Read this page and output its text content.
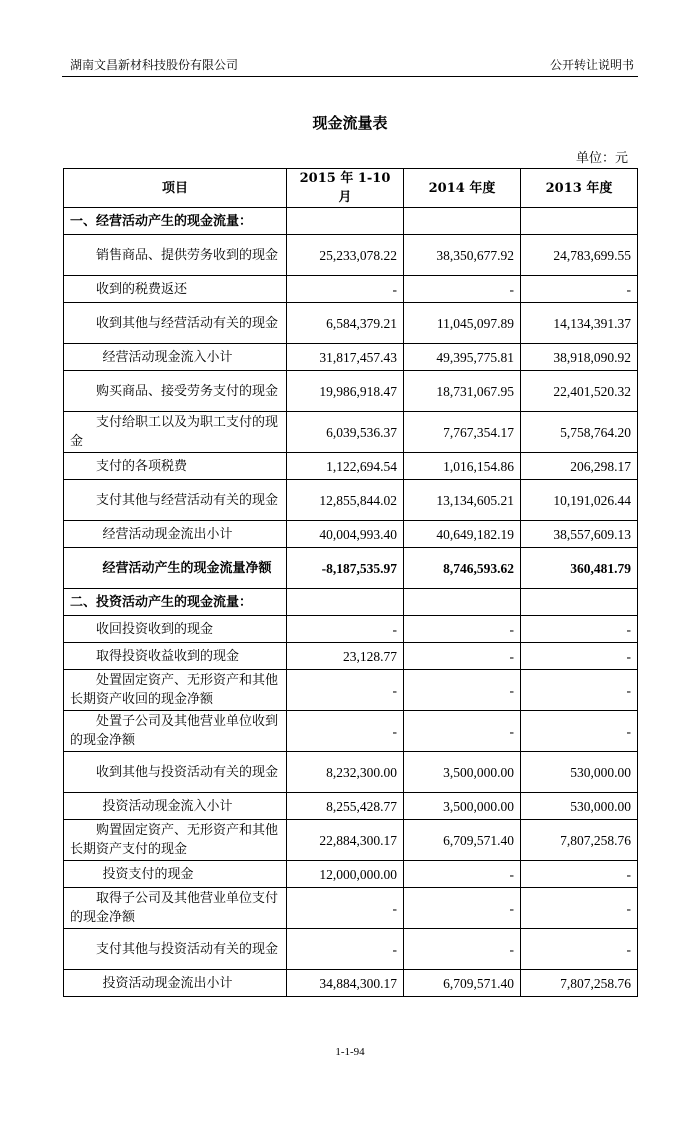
湖南文昌新材科技股份有限公司	公开转让说明书
现金流量表
单位：元
项目	2015 年 1-10 月	2014 年度	2013 年度
一、经营活动产生的现金流量：			
销售商品、提供劳务收到的现金	25,233,078.22	38,350,677.92	24,783,699.55
收到的税费返还	-	-	-
收到其他与经营活动有关的现金	6,584,379.21	11,045,097.89	14,134,391.37
经营活动现金流入小计	31,817,457.43	49,395,775.81	38,918,090.92
购买商品、接受劳务支付的现金	19,986,918.47	18,731,067.95	22,401,520.32
支付给职工以及为职工支付的现金	6,039,536.37	7,767,354.17	5,758,764.20
支付的各项税费	1,122,694.54	1,016,154.86	206,298.17
支付其他与经营活动有关的现金	12,855,844.02	13,134,605.21	10,191,026.44
经营活动现金流出小计	40,004,993.40	40,649,182.19	38,557,609.13
经营活动产生的现金流量净额	-8,187,535.97	8,746,593.62	360,481.79
二、投资活动产生的现金流量：			
收回投资收到的现金	-	-	-
取得投资收益收到的现金	23,128.77	-	-
处置固定资产、无形资产和其他长期资产收回的现金净额	-	-	-
处置子公司及其他营业单位收到的现金净额	-	-	-
收到其他与投资活动有关的现金	8,232,300.00	3,500,000.00	530,000.00
投资活动现金流入小计	8,255,428.77	3,500,000.00	530,000.00
购置固定资产、无形资产和其他长期资产支付的现金	22,884,300.17	6,709,571.40	7,807,258.76
投资支付的现金	12,000,000.00	-	-
取得子公司及其他营业单位支付的现金净额	-	-	-
支付其他与投资活动有关的现金	-	-	-
投资活动现金流出小计	34,884,300.17	6,709,571.40	7,807,258.76
1-1-94
